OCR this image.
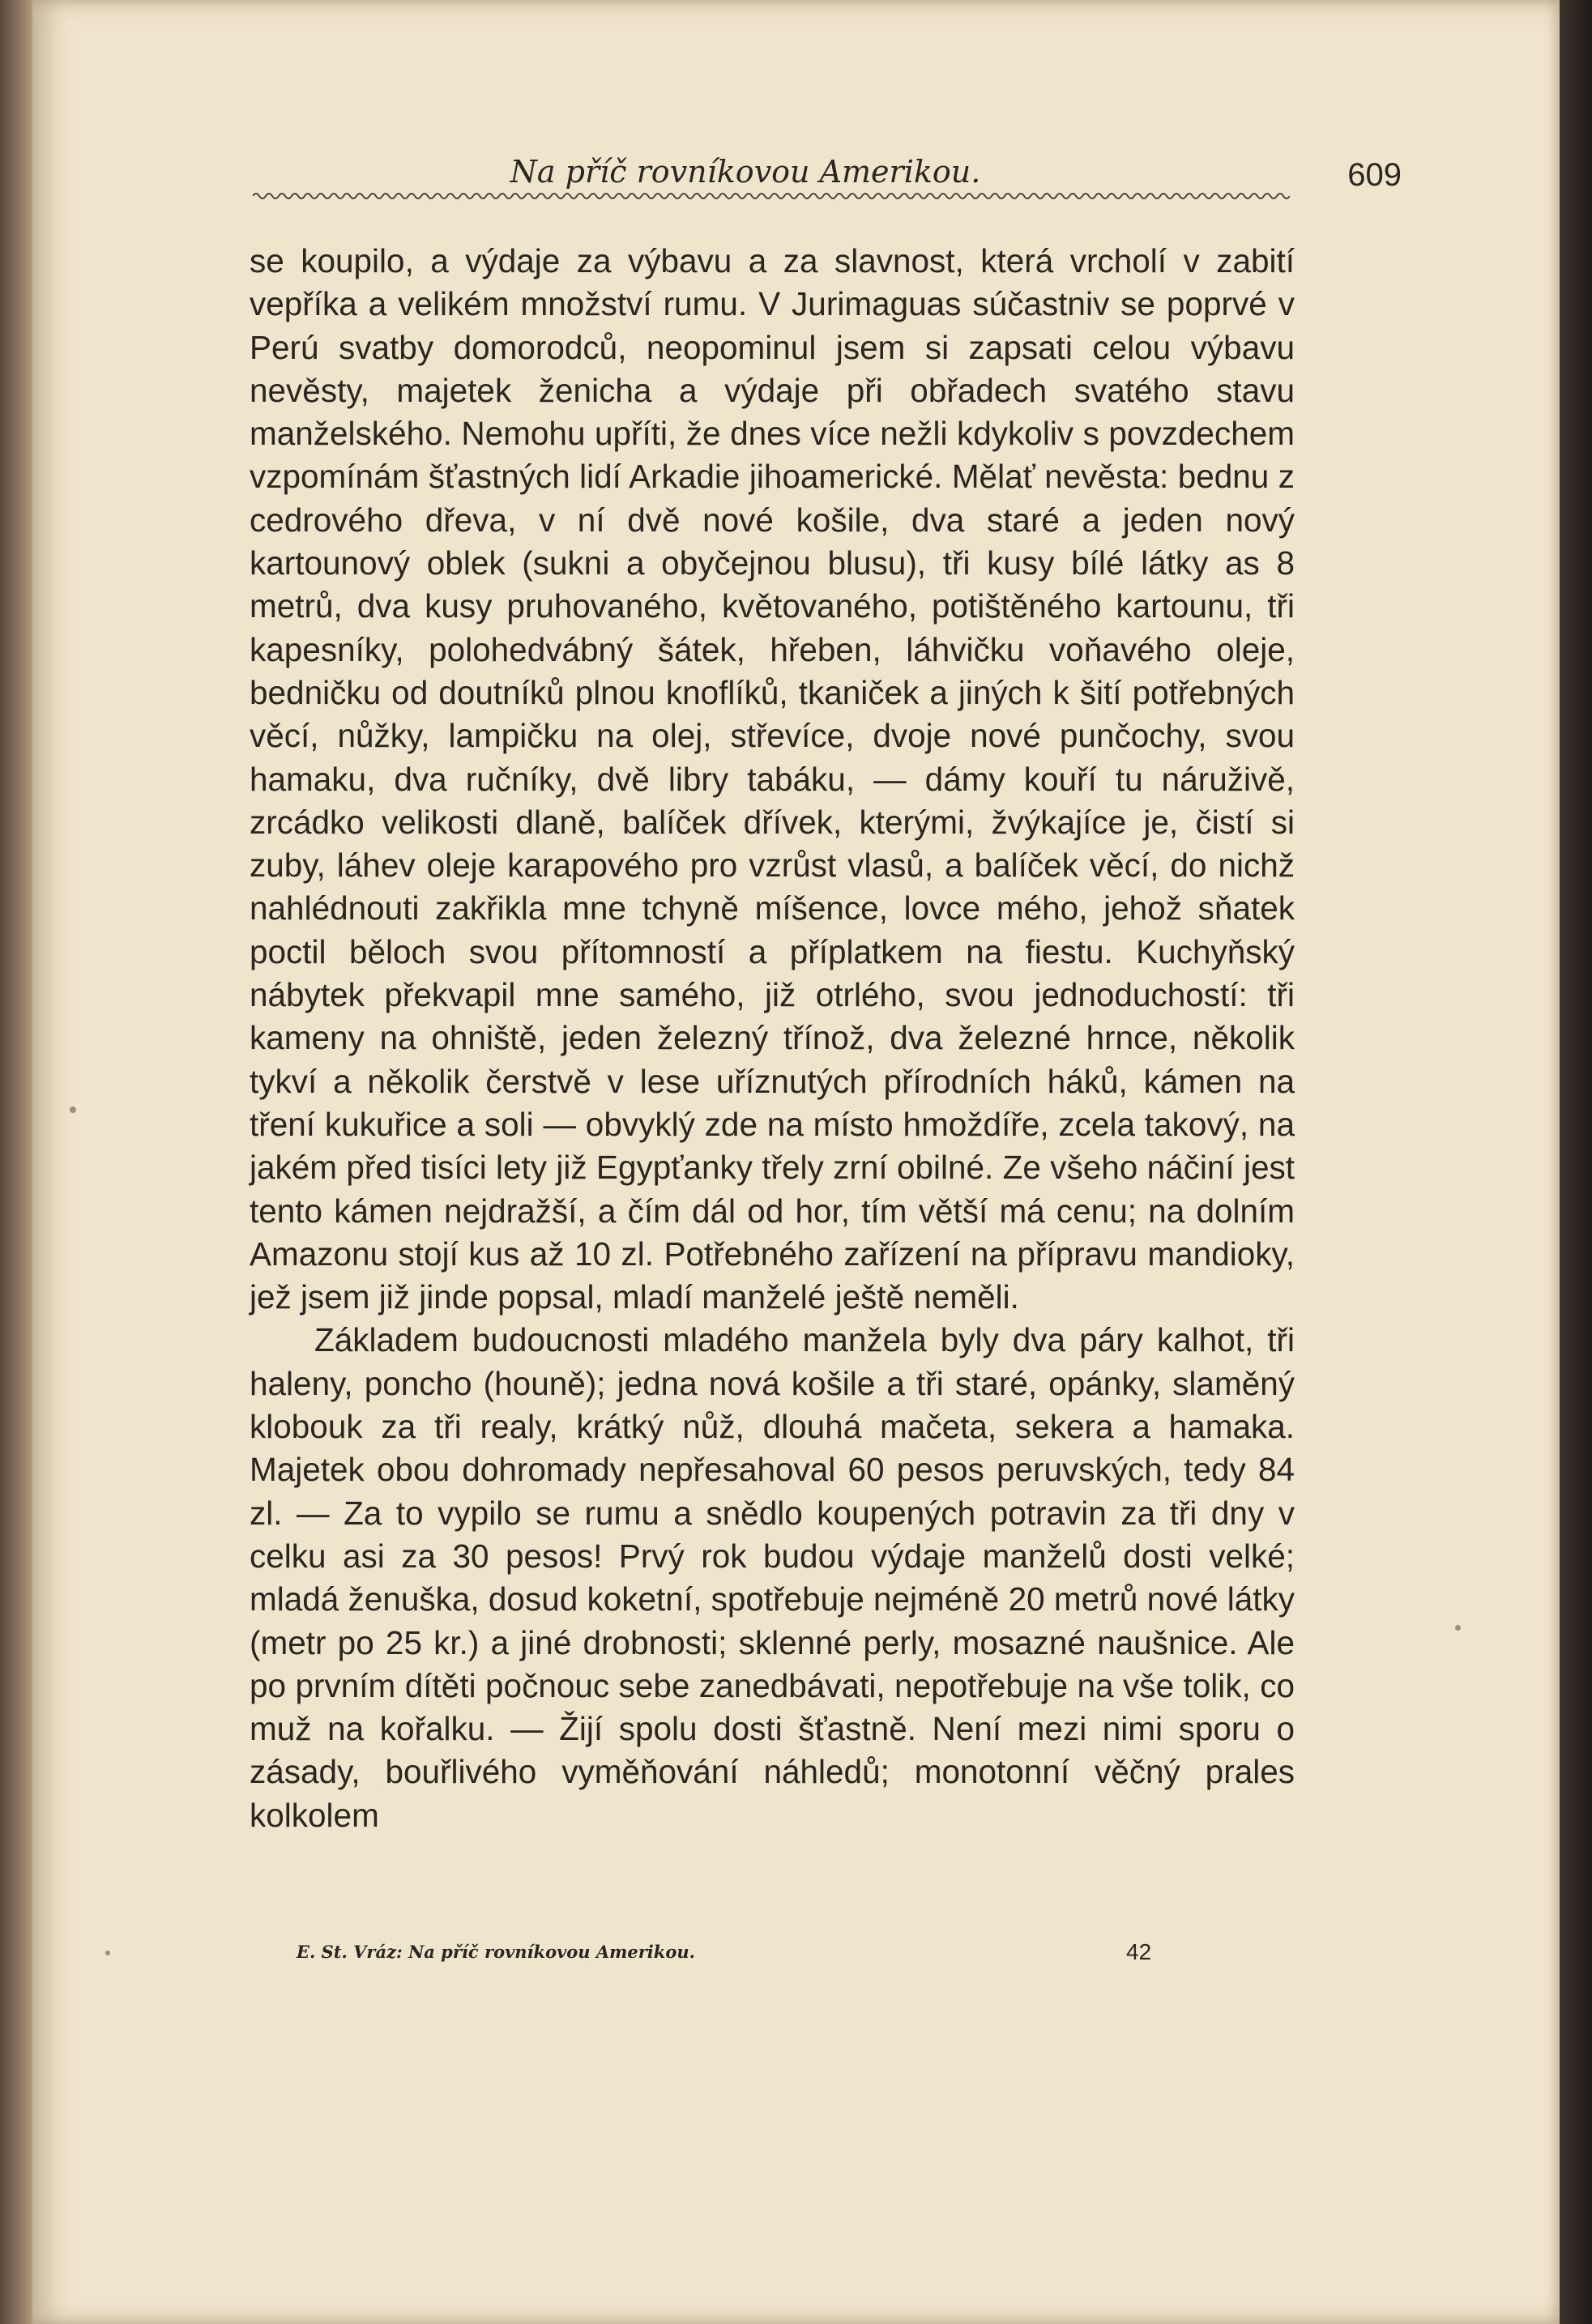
Na příč rovníkovou Amerikou.	609

se koupilo, a výdaje za výbavu a za slavnost, která vrcholí v zabití vepříka a velikém množství rumu. V Jurimaguas súčastniv se poprvé v Perú svatby domorodců, neopominul jsem si zapsati celou výbavu nevěsty, majetek ženicha a výdaje při obřadech svatého stavu manželského. Nemohu upříti, že dnes více nežli kdykoliv s povzdechem vzpomínám šťastných lidí Arkadie jihoamerické. Mělať nevěsta: bednu z cedrového dřeva, v ní dvě nové košile, dva staré a jeden nový kartounový oblek (sukni a obyčejnou blusu), tři kusy bílé látky as 8 metrů, dva kusy pruhovaného, květovaného, potištěného kartounu, tři kapesníky, polohedvábný šátek, hřeben, láhvičku voňavého oleje, bedničku od doutníků plnou knoflíků, tkaniček a jiných k šití potřebných věcí, nůžky, lampičku na olej, střevíce, dvoje nové punčochy, svou hamaku, dva ručníky, dvě libry tabáku, — dámy kouří tu náruživě, zrcádko velikosti dlaně, balíček dřívek, kterými, žvýkajíce je, čistí si zuby, láhev oleje karapového pro vzrůst vlasů, a balíček věcí, do nichž nahlédnouti zakřikla mne tchyně míšence, lovce mého, jehož sňatek poctil běloch svou přítomností a příplatkem na fiestu. Kuchyňský nábytek překvapil mne samého, již otrlého, svou jednoduchostí: tři kameny na ohniště, jeden železný třínož, dva železné hrnce, několik tykví a několik čerstvě v lese uříznutých přírodních háků, kámen na tření kukuřice a soli — obvyklý zde na místo hmoždíře, zcela takový, na jakém před tisíci lety již Egypťanky třely zrní obilné. Ze všeho náčiní jest tento kámen nejdražší, a čím dál od hor, tím větší má cenu; na dolním Amazonu stojí kus až 10 zl. Potřebného zařízení na přípravu mandioky, jež jsem již jinde popsal, mladí manželé ještě neměli.

Základem budoucnosti mladého manžela byly dva páry kalhot, tři haleny, poncho (houně); jedna nová košile a tři staré, opánky, slaměný klobouk za tři realy, krátký nůž, dlouhá mačeta, sekera a hamaka. Majetek obou dohromady nepřesahoval 60 pesos peruvských, tedy 84 zl. — Za to vypilo se rumu a snědlo koupených potravin za tři dny v celku asi za 30 pesos! Prvý rok budou výdaje manželů dosti velké; mladá ženuška, dosud koketní, spotřebuje nejméně 20 metrů nové látky (metr po 25 kr.) a jiné drobnosti; sklenné perly, mosazné naušnice. Ale po prvním dítěti počnouc sebe zanedbávati, nepotřebuje na vše tolik, co muž na kořalku. — Žijí spolu dosti šťastně. Není mezi nimi sporu o zásady, bouřlivého vyměňování náhledů; monotonní věčný prales kolkolem

E. St. Vráz: Na příč rovníkovou Amerikou.	42
